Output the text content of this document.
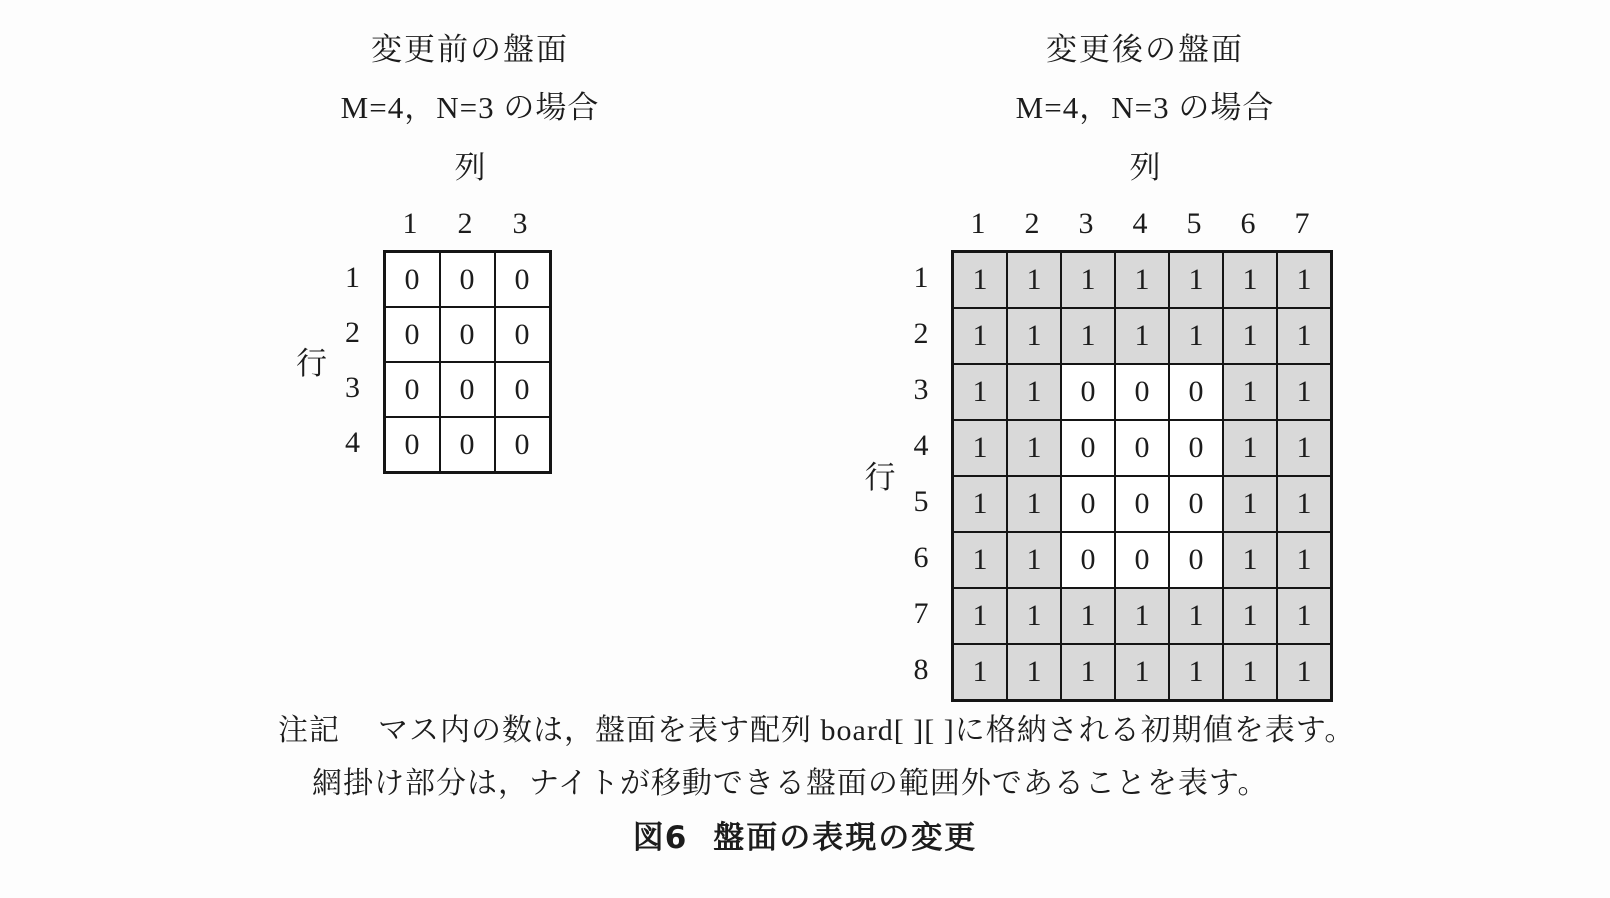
変更前の盤面
M=4，N=3 の場合
列
行
1
2
3
4
1	2	3
0	0	0
0	0	0
0	0	0
0	0	0
変更後の盤面
M=4，N=3 の場合
列
行
1
2
3
4
5
6
7
8
1	2	3	4	5	6	7
1	1	1	1	1	1	1
1	1	1	1	1	1	1
1	1	0	0	0	1	1
1	1	0	0	0	1	1
1	1	0	0	0	1	1
1	1	0	0	0	1	1
1	1	1	1	1	1	1
1	1	1	1	1	1	1
注記 マス内の数は，盤面を表す配列 board[ ][ ]に格納される初期値を表す。
網掛け部分は，ナイトが移動できる盤面の範囲外であることを表す。
図6 盤面の表現の変更
